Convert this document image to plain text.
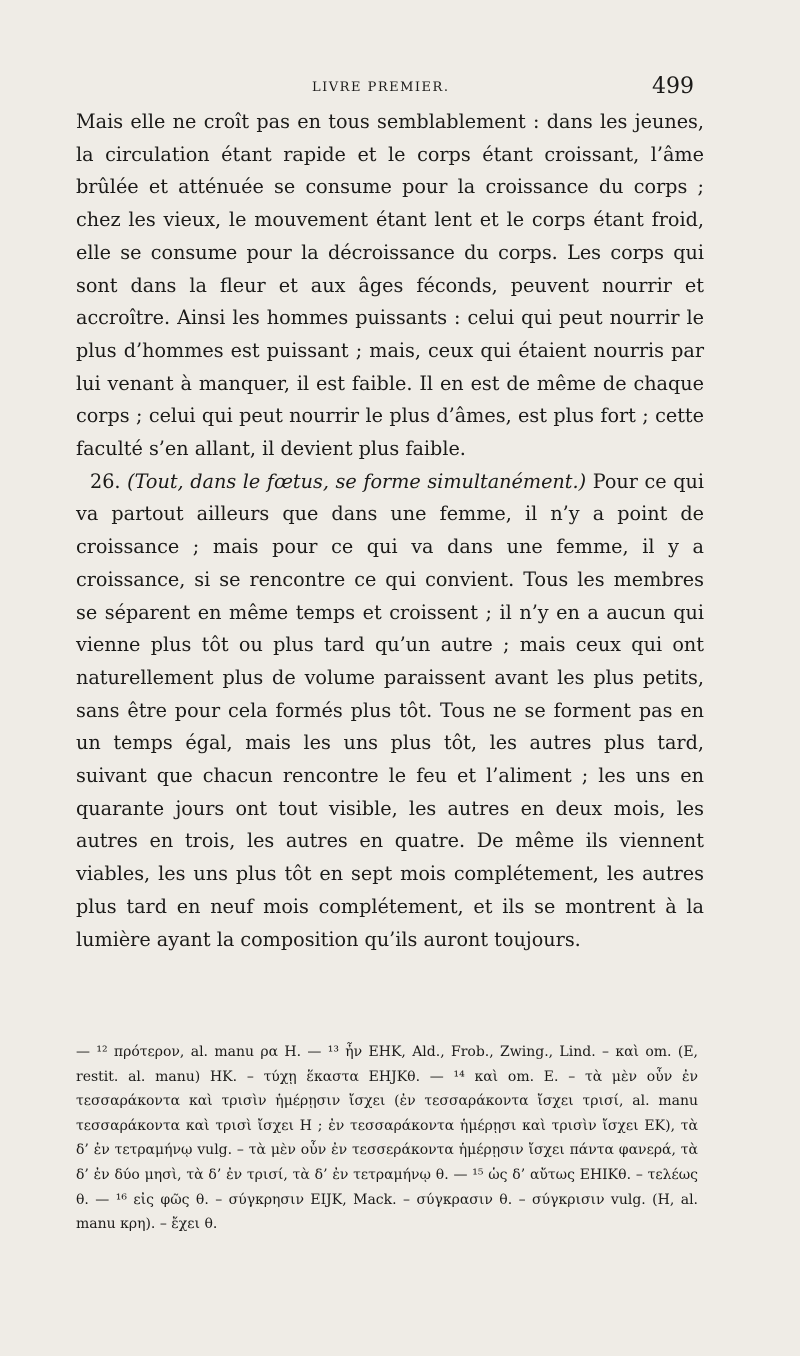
LIVRE PREMIER.	499

Mais elle ne croît pas en tous semblablement : dans les jeunes, la circulation étant rapide et le corps étant croissant, l’âme brûlée et atténuée se consume pour la croissance du corps ; chez les vieux, le mouvement étant lent et le corps étant froid, elle se consume pour la décroissance du corps. Les corps qui sont dans la fleur et aux âges féconds, peuvent nourrir et accroître. Ainsi les hommes puissants : celui qui peut nourrir le plus d’hommes est puissant ; mais, ceux qui étaient nourris par lui venant à manquer, il est faible. Il en est de même de chaque corps ; celui qui peut nourrir le plus d’âmes, est plus fort ; cette faculté s’en allant, il devient plus faible.

26. (Tout, dans le fœtus, se forme simultanément.) Pour ce qui va partout ailleurs que dans une femme, il n’y a point de croissance ; mais pour ce qui va dans une femme, il y a croissance, si se rencontre ce qui convient. Tous les membres se séparent en même temps et croissent ; il n’y en a aucun qui vienne plus tôt ou plus tard qu’un autre ; mais ceux qui ont naturellement plus de volume paraissent avant les plus petits, sans être pour cela formés plus tôt. Tous ne se forment pas en un temps égal, mais les uns plus tôt, les autres plus tard, suivant que chacun rencontre le feu et l’aliment ; les uns en quarante jours ont tout visible, les autres en deux mois, les autres en trois, les autres en quatre. De même ils viennent viables, les uns plus tôt en sept mois complétement, les autres plus tard en neuf mois complétement, et ils se montrent à la lumière ayant la composition qu’ils auront toujours.

— ¹² πρότερον, al. manu ρα H. — ¹³ ἦν EHK, Ald., Frob., Zwing., Lind. – καὶ om. (E, restit. al. manu) HK. – τύχῃ ἕκαστα EHJKθ. — ¹⁴ καὶ om. E. – τὰ μὲν οὖν ἐν τεσσαράκοντα καὶ τρισὶν ἡμέρῃσιν ἴσχει (ἐν τεσσαράκοντα ἴσχει τρισί, al. manu τεσσαράκοντα καὶ τρισὶ ἴσχει H ; ἐν τεσσαράκοντα ἡμέρῃσι καὶ τρισὶν ἴσχει EK), τὰ δ’ ἐν τετραμήνῳ vulg. – τὰ μὲν οὖν ἐν τεσσεράκοντα ἡμέρῃσιν ἴσχει πάντα φανερά, τὰ δ’ ἐν δύο μησὶ, τὰ δ’ ἐν τρισί, τὰ δ’ ἐν τετραμήνῳ θ. — ¹⁵ ὡς δ’ αὔτως EHIKθ. – τελέως θ. — ¹⁶ εἰς φῶς θ. – σύγκρησιν EIJK, Mack. – σύγκρασιν θ. – σύγκρισιν vulg. (H, al. manu κρη). – ἔχει θ.
